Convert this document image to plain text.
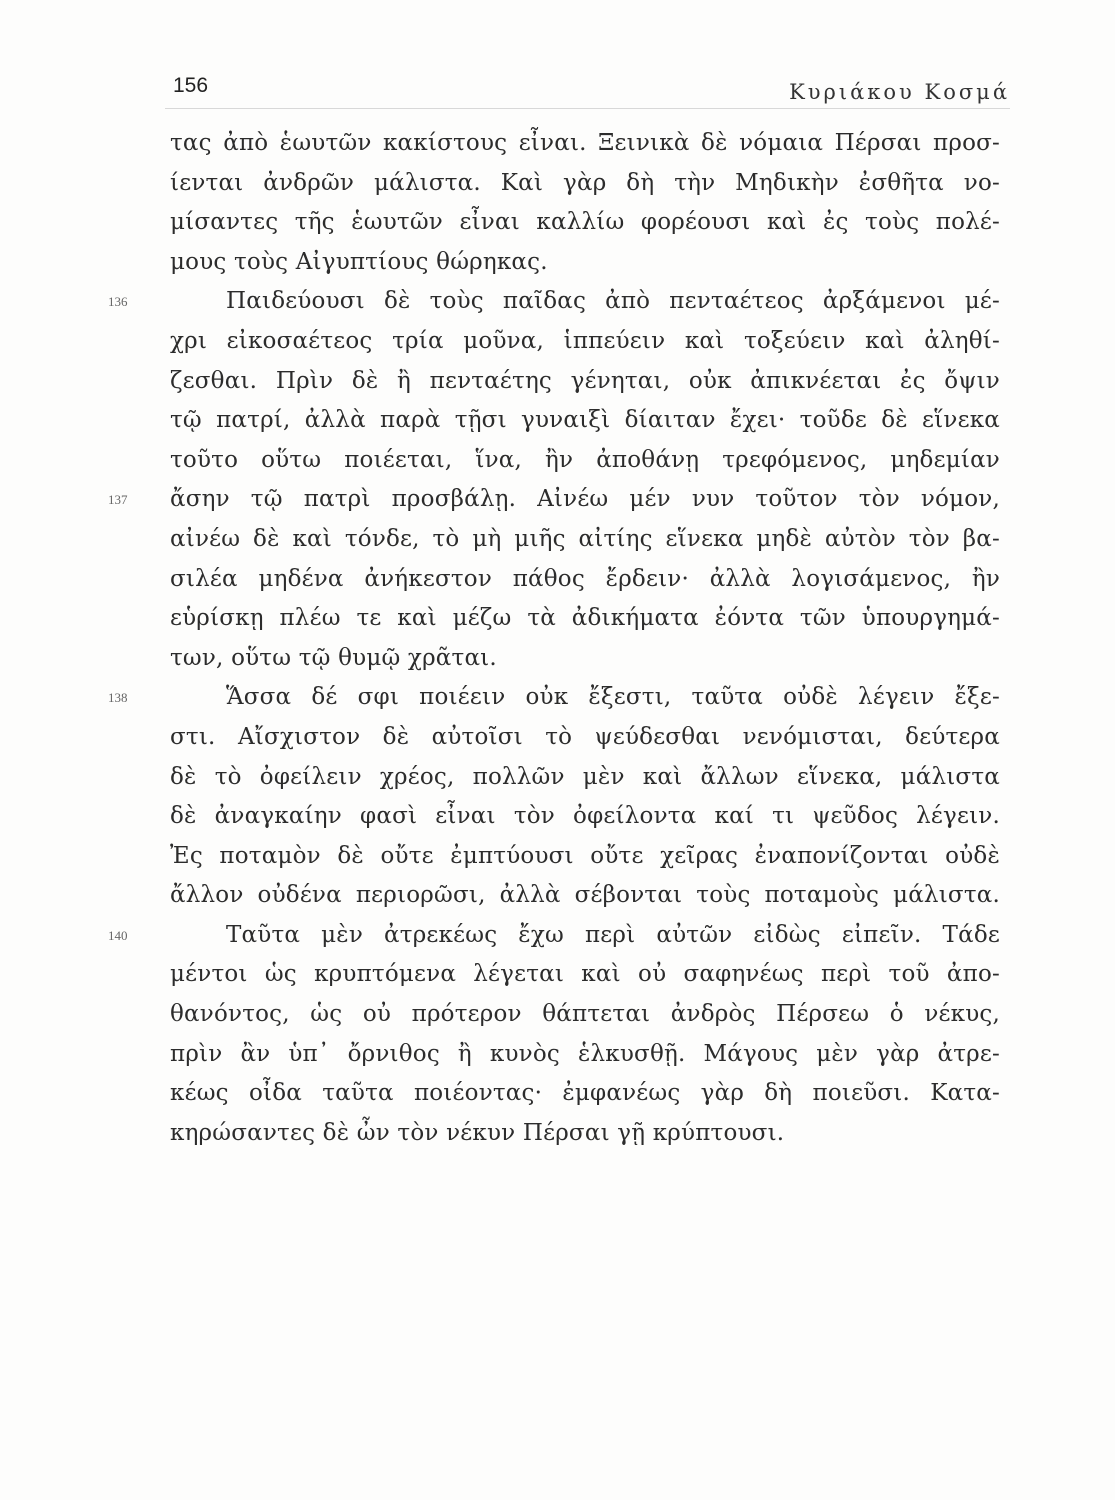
156	Κυριάκου Κοσμά
τας ἀπὸ ἑωυτῶν κακίστους εἶναι. Ξεινικὰ δὲ νόμαια Πέρσαι προσ-
ίενται ἀνδρῶν μάλιστα. Καὶ γὰρ δὴ τὴν Μηδικὴν ἐσθῆτα νο-
μίσαντες τῆς ἑωυτῶν εἶναι καλλίω φορέουσι καὶ ἐς τοὺς πολέ-
μους τοὺς Αἰγυπτίους θώρηκας.
136	Παιδεύουσι δὲ τοὺς παῖδας ἀπὸ πενταέτεος ἀρξάμενοι μέ-
χρι εἰκοσαέτεος τρία μοῦνα, ἱππεύειν καὶ τοξεύειν καὶ ἀληθί-
ζεσθαι. Πρὶν δὲ ἢ πενταέτης γένηται, οὐκ ἀπικνέεται ἐς ὄψιν
τῷ πατρί, ἀλλὰ παρὰ τῇσι γυναιξὶ δίαιταν ἔχει· τοῦδε δὲ εἵνεκα
τοῦτο οὕτω ποιέεται, ἵνα, ἢν ἀποθάνῃ τρεφόμενος, μηδεμίαν
137 ἄσην τῷ πατρὶ προσβάλῃ. Αἰνέω μέν νυν τοῦτον τὸν νόμον,
αἰνέω δὲ καὶ τόνδε, τὸ μὴ μιῆς αἰτίης εἵνεκα μηδὲ αὐτὸν τὸν βα-
σιλέα μηδένα ἀνήκεστον πάθος ἔρδειν· ἀλλὰ λογισάμενος, ἢν
εὑρίσκῃ πλέω τε καὶ μέζω τὰ ἀδικήματα ἐόντα τῶν ὑπουργημά-
των, οὕτω τῷ θυμῷ χρᾶται.
138	Ἅσσα δέ σφι ποιέειν οὐκ ἔξεστι, ταῦτα οὐδὲ λέγειν ἔξε-
στι. Αἴσχιστον δὲ αὐτοῖσι τὸ ψεύδεσθαι νενόμισται, δεύτερα
δὲ τὸ ὀφείλειν χρέος, πολλῶν μὲν καὶ ἄλλων εἵνεκα, μάλιστα
δὲ ἀναγκαίην φασὶ εἶναι τὸν ὀφείλοντα καί τι ψεῦδος λέγειν.
Ἐς ποταμὸν δὲ οὔτε ἐμπτύουσι οὔτε χεῖρας ἐναπονίζονται οὐδὲ
ἄλλον οὐδένα περιορῶσι, ἀλλὰ σέβονται τοὺς ποταμοὺς μάλιστα.
140	Ταῦτα μὲν ἀτρεκέως ἔχω περὶ αὐτῶν εἰδὼς εἰπεῖν. Τάδε
μέντοι ὡς κρυπτόμενα λέγεται καὶ οὐ σαφηνέως περὶ τοῦ ἀπο-
θανόντος, ὡς οὐ πρότερον θάπτεται ἀνδρὸς Πέρσεω ὁ νέκυς,
πρὶν ἂν ὑπ᾿ ὄρνιθος ἢ κυνὸς ἑλκυσθῇ. Μάγους μὲν γὰρ ἀτρε-
κέως οἶδα ταῦτα ποιέοντας· ἐμφανέως γὰρ δὴ ποιεῦσι. Κατα-
κηρώσαντες δὲ ὦν τὸν νέκυν Πέρσαι γῇ κρύπτουσι.
